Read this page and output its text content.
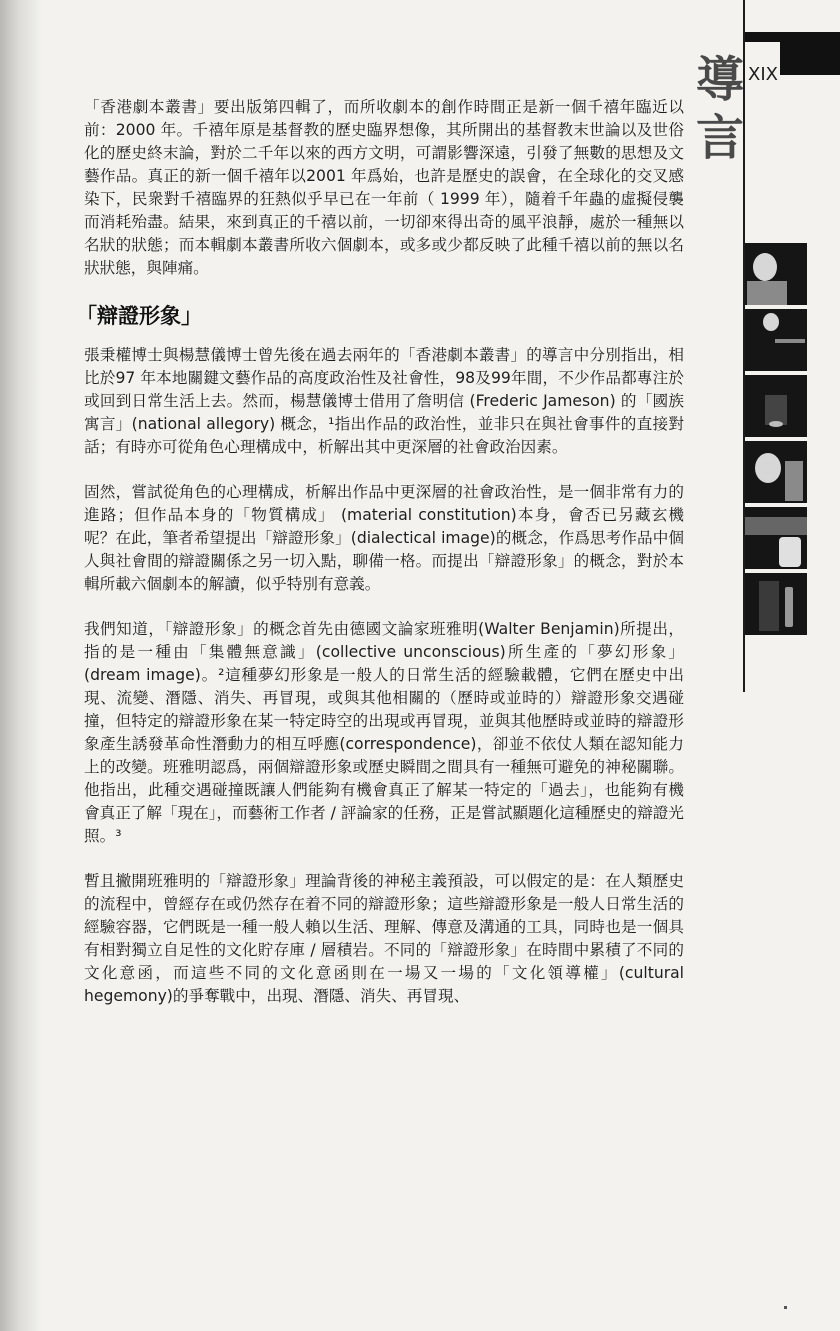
導
言
XIX

「香港劇本叢書」要出版第四輯了，而所收劇本的創作時間正是新一個千禧年臨近以前：2000 年。千禧年原是基督教的歷史臨界想像，其所開出的基督教末世論以及世俗化的歷史終末論，對於二千年以來的西方文明，可謂影響深遠，引發了無數的思想及文藝作品。真正的新一個千禧年以2001 年爲始，也許是歷史的誤會，在全球化的交叉感染下，民衆對千禧臨界的狂熱似乎早已在一年前（ 1999 年），隨着千年蟲的虛擬侵襲而消耗殆盡。結果，來到真正的千禧以前，一切卻來得出奇的風平浪靜，處於一種無以名狀的狀態；而本輯劇本叢書所收六個劇本，或多或少都反映了此種千禧以前的無以名狀狀態，與陣痛。

「辯證形象」

張秉權博士與楊慧儀博士曾先後在過去兩年的「香港劇本叢書」的導言中分別指出，相比於97 年本地關鍵文藝作品的高度政治性及社會性，98及99年間，不少作品都專注於或回到日常生活上去。然而，楊慧儀博士借用了詹明信 (Frederic Jameson) 的「國族寓言」(national allegory) 概念，¹指出作品的政治性，並非只在與社會事件的直接對話；有時亦可從角色心理構成中，析解出其中更深層的社會政治因素。

固然，嘗試從角色的心理構成，析解出作品中更深層的社會政治性，是一個非常有力的進路；但作品本身的「物質構成」 (material constitution)本身，會否已另藏玄機呢？在此，筆者希望提出「辯證形象」(dialectical image)的概念，作爲思考作品中個人與社會間的辯證關係之另一切入點，聊備一格。而提出「辯證形象」的概念，對於本輯所載六個劇本的解讀，似乎特別有意義。

我們知道，「辯證形象」的概念首先由德國文論家班雅明(Walter Benjamin)所提出，指的是一種由「集體無意識」(collective unconscious)所生產的「夢幻形象」 (dream image)。²這種夢幻形象是一般人的日常生活的經驗載體，它們在歷史中出現、流變、潛隱、消失、再冒現，或與其他相關的（歷時或並時的）辯證形象交遇碰撞，但特定的辯證形象在某一特定時空的出現或再冒現，並與其他歷時或並時的辯證形象產生誘發革命性潛動力的相互呼應(correspondence)，卻並不依仗人類在認知能力上的改變。班雅明認爲，兩個辯證形象或歷史瞬間之間具有一種無可避免的神秘關聯。他指出，此種交遇碰撞既讓人們能夠有機會真正了解某一特定的「過去」，也能夠有機會真正了解「現在」，而藝術工作者 / 評論家的任務，正是嘗試顯題化這種歷史的辯證光照。³

暫且撇開班雅明的「辯證形象」理論背後的神秘主義預設，可以假定的是：在人類歷史的流程中，曾經存在或仍然存在着不同的辯證形象；這些辯證形象是一般人日常生活的經驗容器，它們既是一種一般人賴以生活、理解、傳意及溝通的工具，同時也是一個具有相對獨立自足性的文化貯存庫 / 層積岩。不同的「辯證形象」在時間中累積了不同的文化意函，而這些不同的文化意函則在一場又一場的「文化領導權」(cultural hegemony)的爭奪戰中，出現、潛隱、消失、再冒現、
